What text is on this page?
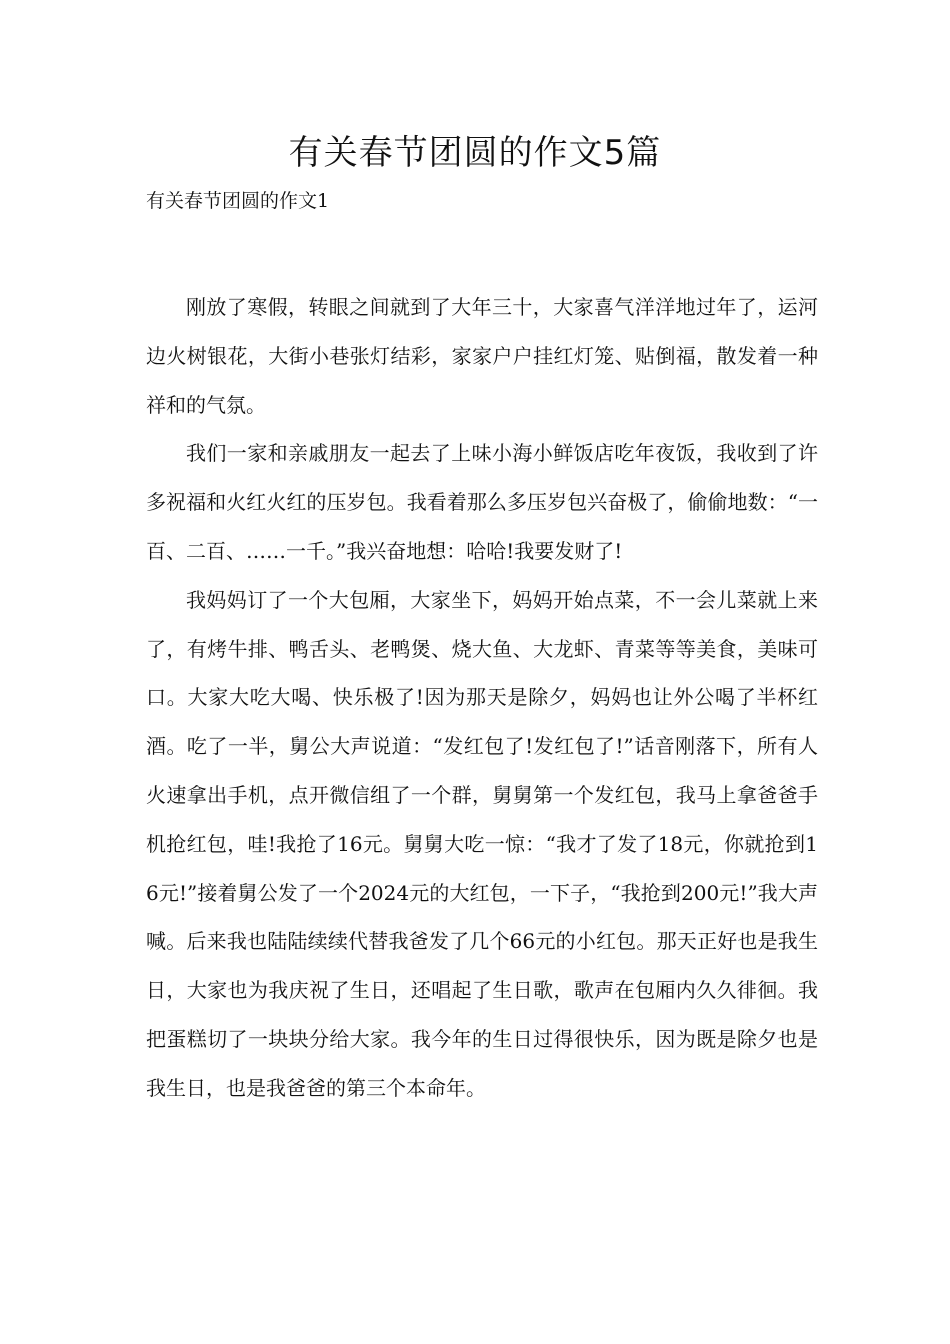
有关春节团圆的作文5篇

有关春节团圆的作文1

刚放了寒假，转眼之间就到了大年三十，大家喜气洋洋地过年了，运河边火树银花，大街小巷张灯结彩，家家户户挂红灯笼、贴倒福，散发着一种祥和的气氛。

我们一家和亲戚朋友一起去了上味小海小鲜饭店吃年夜饭，我收到了许多祝福和火红火红的压岁包。我看着那么多压岁包兴奋极了，偷偷地数：“一百、二百、……一千。”我兴奋地想：哈哈!我要发财了!

我妈妈订了一个大包厢，大家坐下，妈妈开始点菜，不一会儿菜就上来了，有烤牛排、鸭舌头、老鸭煲、烧大鱼、大龙虾、青菜等等美食，美味可口。大家大吃大喝、快乐极了!因为那天是除夕，妈妈也让外公喝了半杯红酒。吃了一半，舅公大声说道：“发红包了!发红包了!”话音刚落下，所有人火速拿出手机，点开微信组了一个群，舅舅第一个发红包，我马上拿爸爸手机抢红包，哇!我抢了16元。舅舅大吃一惊：“我才了发了18元，你就抢到16元!”接着舅公发了一个2024元的大红包，一下子，“我抢到200元!”我大声喊。后来我也陆陆续续代替我爸发了几个66元的小红包。那天正好也是我生日，大家也为我庆祝了生日，还唱起了生日歌，歌声在包厢内久久徘徊。我把蛋糕切了一块块分给大家。我今年的生日过得很快乐，因为既是除夕也是我生日，也是我爸爸的第三个本命年。
